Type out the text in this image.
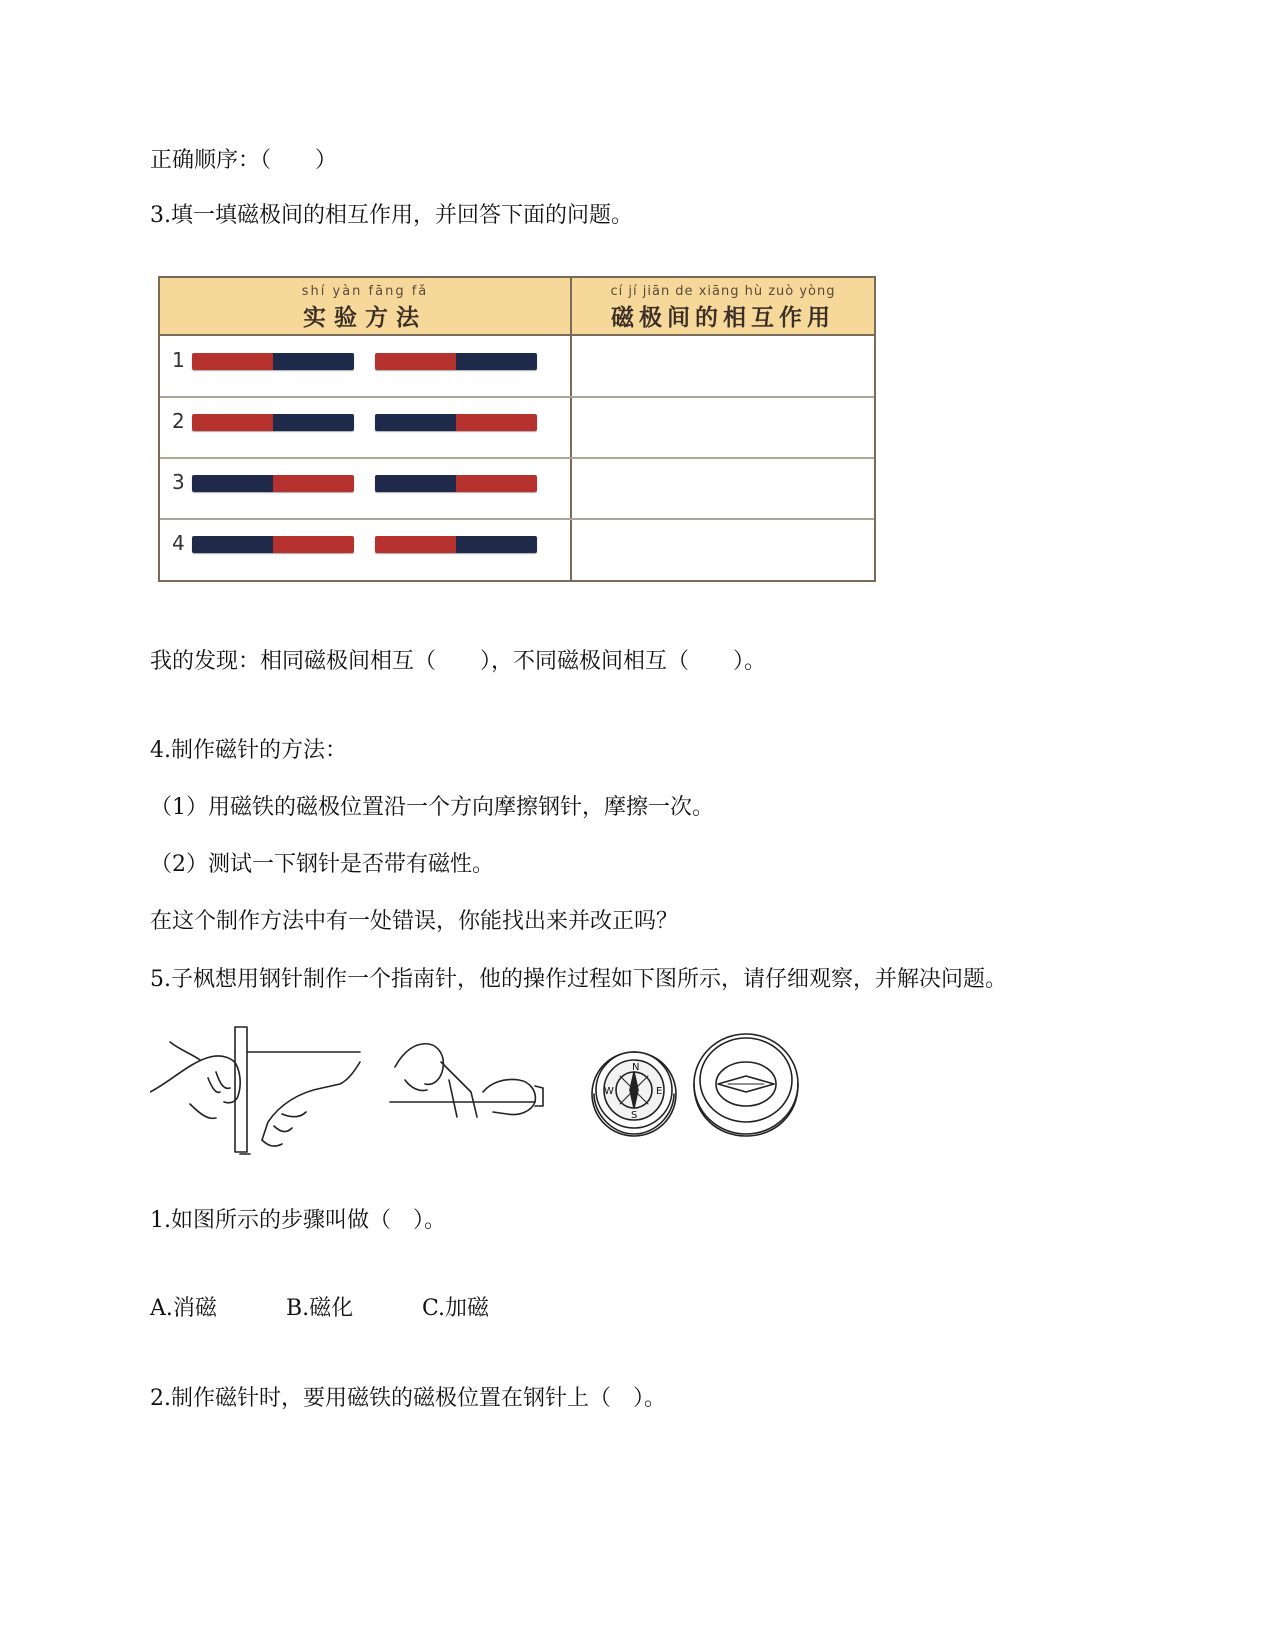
正确顺序：（　　）
3.填一填磁极间的相互作用，并回答下面的问题。
shí yàn fāng fǎ
实验方法
cí jí jiān de xiāng hù zuò yòng
磁极间的相互作用
1
2
3
4
我的发现：相同磁极间相互（　　），不同磁极间相互（　　）。
4.制作磁针的方法：
（1）用磁铁的磁极位置沿一个方向摩擦钢针，摩擦一次。
（2）测试一下钢针是否带有磁性。
在这个制作方法中有一处错误，你能找出来并改正吗？
5.子枫想用钢针制作一个指南针，他的操作过程如下图所示，请仔细观察，并解决问题。
N
E
S
W
1.如图所示的步骤叫做（　）。
A.消磁	B.磁化	C.加磁
2.制作磁针时，要用磁铁的磁极位置在钢针上（　）。
